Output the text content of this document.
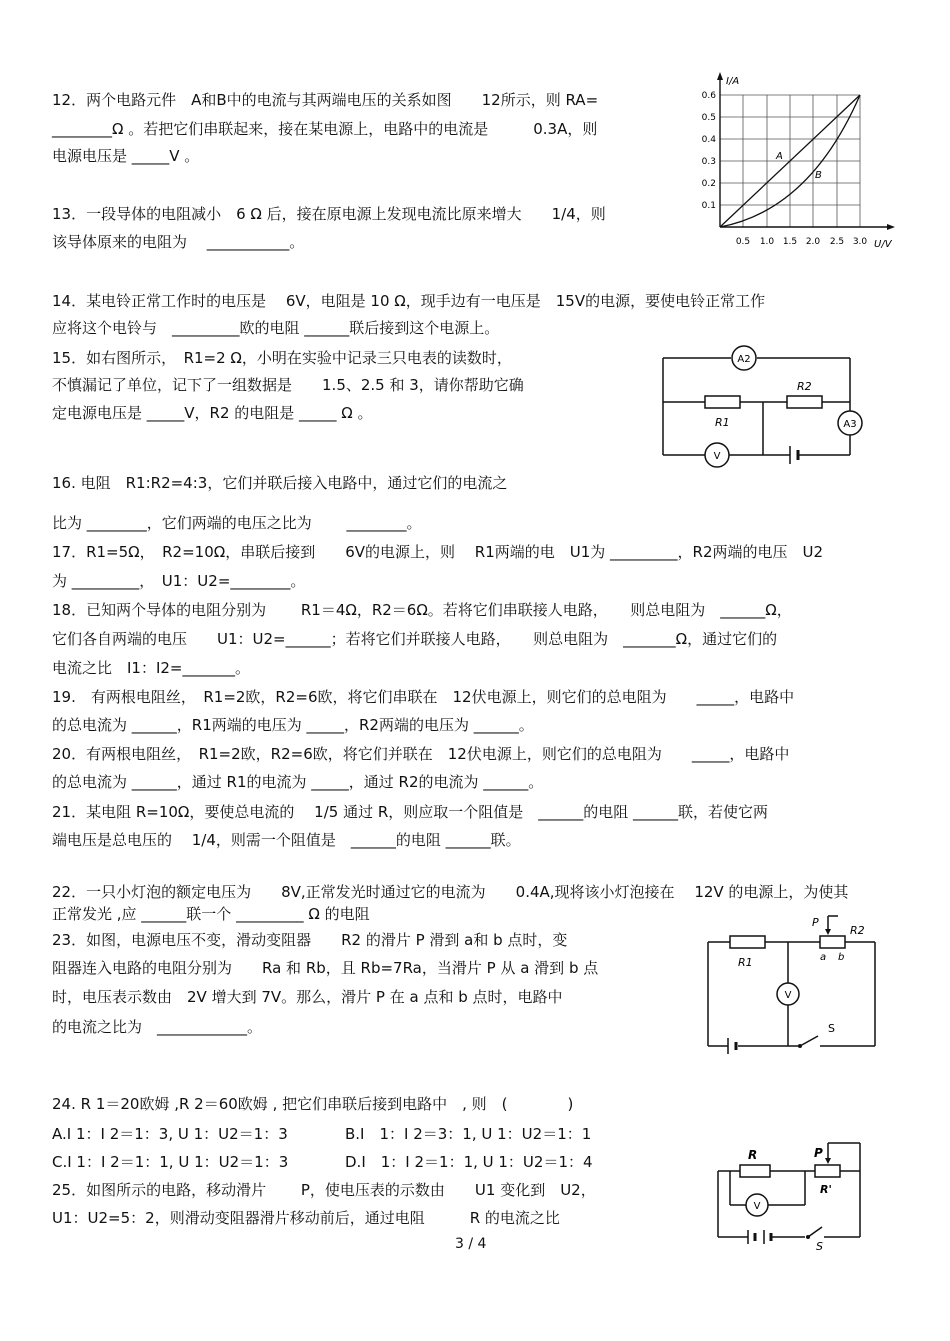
12．两个电路元件　A和B中的电流与其两端电压的关系如图　　12所示，则 RA=
________Ω 。若把它们串联起来，接在某电源上，电路中的电流是　　　0.3A，则
电源电压是 _____V 。
13．一段导体的电阻减小　6 Ω 后，接在原电源上发现电流比原来增大　　1/4，则
该导体原来的电阻为　 ___________。
14．某电铃正常工作时的电压是　 6V，电阻是 10 Ω，现手边有一电压是　15V的电源，要使电铃正常工作
应将这个电铃与　_________欧的电阻 ______联后接到这个电源上。
15．如右图所示，　R1=2 Ω，小明在实验中记录三只电表的读数时，
不慎漏记了单位，记下了一组数据是　　1.5、2.5 和 3，请你帮助它确
定电源电压是 _____V，R2 的电阻是 _____ Ω 。
16. 电阻　R1:R2=4:3，它们并联后接入电路中，通过它们的电流之
比为 ________，它们两端的电压之比为　　 ________。
17．R1=5Ω，　R2=10Ω，串联后接到　　6V的电源上，则　 R1两端的电　U1为 _________，R2两端的电压　U2
为 _________，　U1：U2=________。
18．已知两个导体的电阻分别为　　 R1＝4Ω，R2＝6Ω。若将它们串联接人电路，　　则总电阻为　______Ω，
它们各自两端的电压　　U1：U2=______；若将它们并联接人电路，　　则总电阻为　_______Ω，通过它们的
电流之比　I1：I2=_______。
19.　有两根电阻丝，　R1=2欧，R2=6欧，将它们串联在　12伏电源上，则它们的总电阻为　　_____，电路中
的总电流为 ______，R1两端的电压为 _____，R2两端的电压为 ______。
20．有两根电阻丝，　R1=2欧，R2=6欧，将它们并联在　12伏电源上，则它们的总电阻为　　_____，电路中
的总电流为 ______，通过 R1的电流为 _____，通过 R2的电流为 ______。
21．某电阻 R=10Ω，要使总电流的　 1/5 通过 R，则应取一个阻值是　______的电阻 ______联，若使它两
端电压是总电压的　 1/4，则需一个阻值是　______的电阻 ______联。
22．一只小灯泡的额定电压为　　8V,正常发光时通过它的电流为　　0.4A,现将该小灯泡接在　 12V 的电源上，为使其
正常发光 ,应 ______联一个 _________ Ω 的电阻
23．如图，电源电压不变，滑动变阻器　　R2 的滑片 P 滑到 a和 b 点时，变
阻器连入电路的电阻分别为　　Ra 和 Rb，且 Rb=7Ra，当滑片 P 从 a 滑到 b 点
时，电压表示数由　2V 增大到 7V。那么，滑片 P 在 a 点和 b 点时，电路中
的电流之比为　____________。
24. R 1＝20欧姆 ,R 2＝60欧姆 , 把它们串联后接到电路中　, 则　(　　　　)
A.I 1：I 2＝1：3, U 1：U2＝1：3	B.I　1：I 2＝3：1, U 1：U2＝1：1
C.I 1：I 2＝1：1, U 1：U2＝1：3	D.I　1：I 2＝1：1, U 1：U2＝1：4
25．如图所示的电路，移动滑片　　 P，使电压表的示数由　　U1 变化到　U2，
U1：U2=5：2，则滑动变阻器滑片移动前后，通过电阻　　　R 的电流之比
A
B
I/A
U/V
0.6
0.5
0.4
0.3
0.2
0.1
0.5 1.0 1.5 2.0 2.5 3.0
A2
A3
V
R1
R2
V
P
R2
R1	a b
S
V
R	P
R'
S
3 / 4
